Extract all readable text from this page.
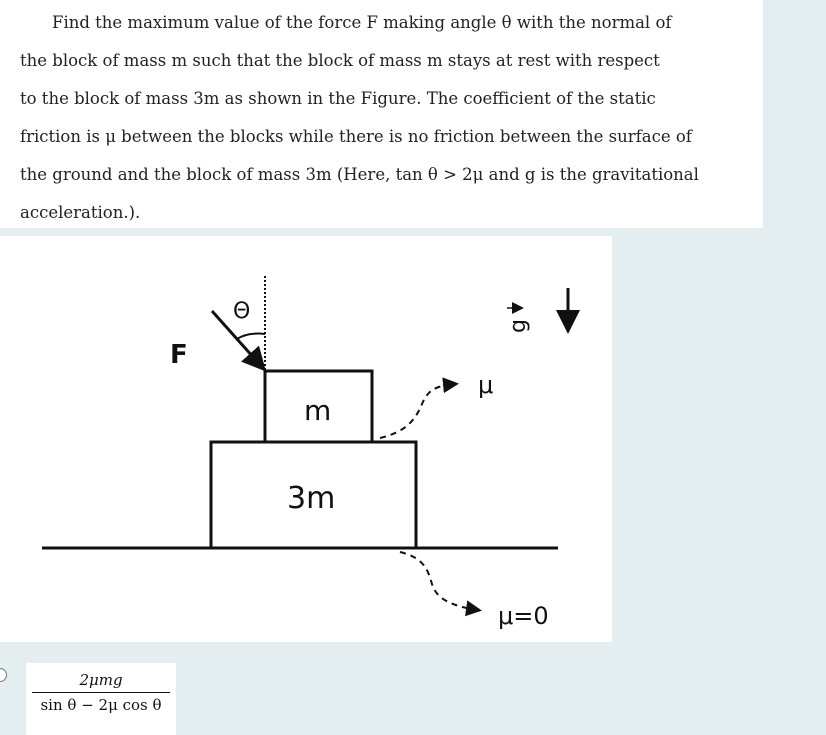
Find the maximum value of the force F making angle θ with the normal of
the block of mass m such that the block of mass m stays at rest with respect
to the block of mass 3m as shown in the Figure. The coefficient of the static
friction is μ between the blocks while there is no friction between the surface of
the ground and the block of mass 3m (Here, tan θ > 2μ and g is the gravitational
acceleration.).

F
Θ
m
3m
g
μ
μ=0
2μmg
sin θ − 2μ cos θ
